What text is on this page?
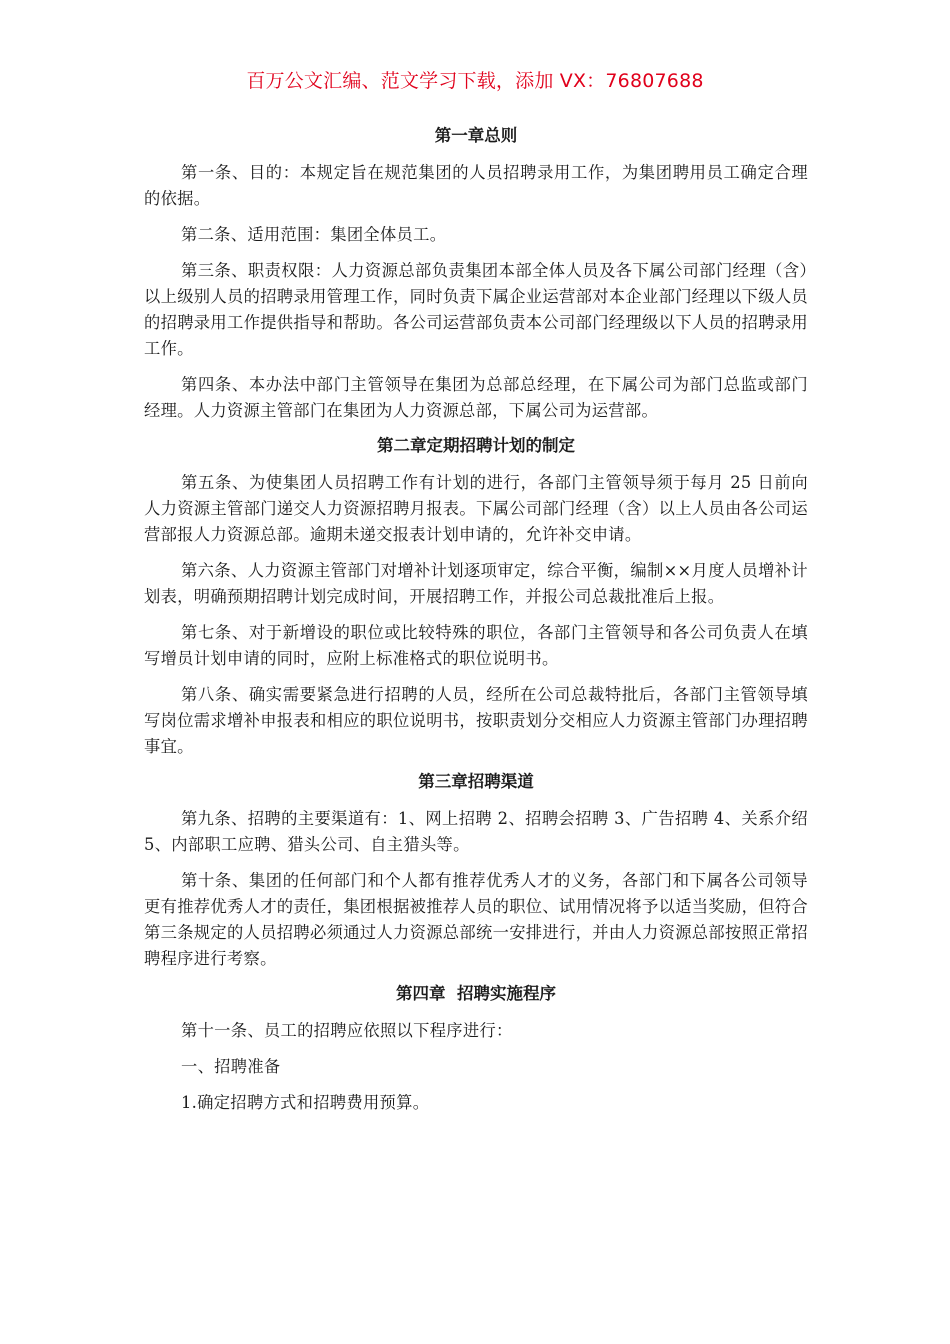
百万公文汇编、范文学习下载，添加 VX：76807688
第一章总则

第一条、目的：本规定旨在规范集团的人员招聘录用工作，为集团聘用员工确定合理的依据。

第二条、适用范围：集团全体员工。

第三条、职责权限：人力资源总部负责集团本部全体人员及各下属公司部门经理（含）以上级别人员的招聘录用管理工作，同时负责下属企业运营部对本企业部门经理以下级人员的招聘录用工作提供指导和帮助。各公司运营部负责本公司部门经理级以下人员的招聘录用工作。

第四条、本办法中部门主管领导在集团为总部总经理，在下属公司为部门总监或部门经理。人力资源主管部门在集团为人力资源总部，下属公司为运营部。

第二章定期招聘计划的制定

第五条、为使集团人员招聘工作有计划的进行，各部门主管领导须于每月 25 日前向人力资源主管部门递交人力资源招聘月报表。下属公司部门经理（含）以上人员由各公司运营部报人力资源总部。逾期未递交报表计划申请的，允许补交申请。

第六条、人力资源主管部门对增补计划逐项审定，综合平衡，编制××月度人员增补计划表，明确预期招聘计划完成时间，开展招聘工作，并报公司总裁批准后上报。

第七条、对于新增设的职位或比较特殊的职位，各部门主管领导和各公司负责人在填写增员计划申请的同时，应附上标准格式的职位说明书。

第八条、确实需要紧急进行招聘的人员，经所在公司总裁特批后，各部门主管领导填写岗位需求增补申报表和相应的职位说明书，按职责划分交相应人力资源主管部门办理招聘事宜。

第三章招聘渠道

第九条、招聘的主要渠道有：1、网上招聘 2、招聘会招聘 3、广告招聘 4、关系介绍 5、内部职工应聘、猎头公司、自主猎头等。

第十条、集团的任何部门和个人都有推荐优秀人才的义务，各部门和下属各公司领导更有推荐优秀人才的责任，集团根据被推荐人员的职位、试用情况将予以适当奖励，但符合第三条规定的人员招聘必须通过人力资源总部统一安排进行，并由人力资源总部按照正常招聘程序进行考察。

第四章  招聘实施程序

第十一条、员工的招聘应依照以下程序进行：

一、招聘准备

1.确定招聘方式和招聘费用预算。
